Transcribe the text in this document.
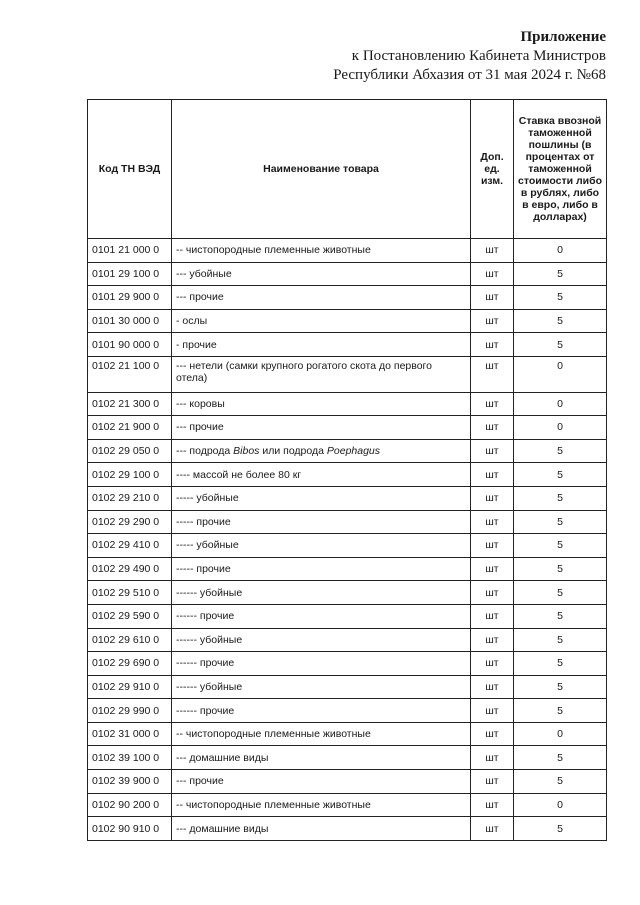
Приложение
к Постановлению Кабинета Министров
Республики Абхазия от 31 мая 2024 г. №68
Код ТН ВЭД	Наименование товара	Доп. ед. изм.	Ставка ввозной таможенной пошлины (в процентах от таможенной стоимости либо в рублях, либо в евро, либо в долларах)
0101 21 000 0	-- чистопородные племенные животные	шт	0
0101 29 100 0	--- убойные	шт	5
0101 29 900 0	--- прочие	шт	5
0101 30 000 0	- ослы	шт	5
0101 90 000 0	- прочие	шт	5
0102 21 100 0	--- нетели (самки крупного рогатого скота до первого отела)	шт	0
0102 21 300 0	--- коровы	шт	0
0102 21 900 0	--- прочие	шт	0
0102 29 050 0	--- подрода Bibos или подрода Poephagus	шт	5
0102 29 100 0	---- массой не более 80 кг	шт	5
0102 29 210 0	----- убойные	шт	5
0102 29 290 0	----- прочие	шт	5
0102 29 410 0	----- убойные	шт	5
0102 29 490 0	----- прочие	шт	5
0102 29 510 0	------ убойные	шт	5
0102 29 590 0	------ прочие	шт	5
0102 29 610 0	------ убойные	шт	5
0102 29 690 0	------ прочие	шт	5
0102 29 910 0	------ убойные	шт	5
0102 29 990 0	------ прочие	шт	5
0102 31 000 0	-- чистопородные племенные животные	шт	0
0102 39 100 0	--- домашние виды	шт	5
0102 39 900 0	--- прочие	шт	5
0102 90 200 0	-- чистопородные племенные животные	шт	0
0102 90 910 0	--- домашние виды	шт	5
